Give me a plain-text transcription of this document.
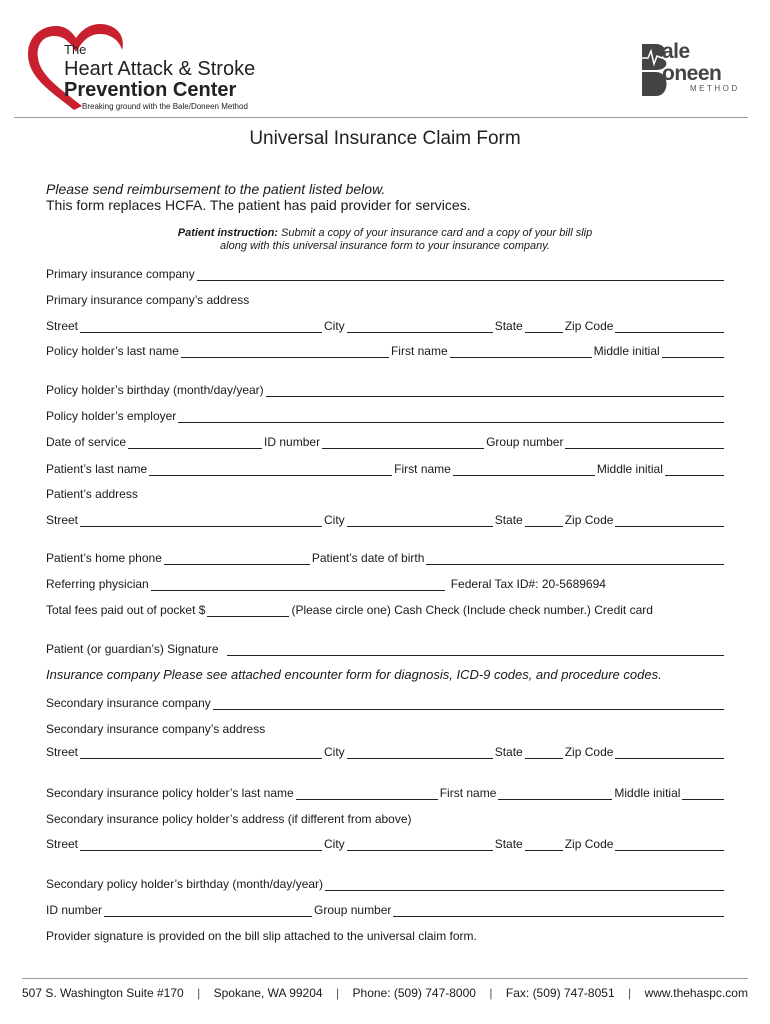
The
Heart Attack & Stroke
Prevention Center
Breaking ground with the Bale/Doneen Method
ale
oneen
METHOD
Universal Insurance Claim Form
Please send reimbursement to the patient listed below.
This form replaces HCFA. The patient has paid provider for services.
Patient instruction: Submit a copy of your insurance card and a copy of your bill slip
along with this universal insurance form to your insurance company.
Primary insurance company
Primary insurance company’s address
Street	City	State	Zip Code
Policy holder’s last name	First name	Middle initial
Policy holder’s birthday (month/day/year)
Policy holder’s employer
Date of service	ID number	Group number
Patient’s last name	First name	Middle initial
Patient’s address
Street	City	State	Zip Code
Patient’s home phone	Patient’s date of birth
Referring physician	Federal Tax ID#: 20-5689694
Total fees paid out of pocket $	(Please circle one) Cash Check (Include check number.) Credit card
Patient (or guardian’s) Signature
Insurance company Please see attached encounter form for diagnosis, ICD-9 codes, and procedure codes.
Secondary insurance company
Secondary insurance company’s address
Street	City	State	Zip Code
Secondary insurance policy holder’s last name	First name	Middle initial
Secondary insurance policy holder’s address (if different from above)
Street	City	State	Zip Code
Secondary policy holder’s birthday (month/day/year)
ID number	Group number
Provider signature is provided on the bill slip attached to the universal claim form.
507 S. Washington Suite #170 | Spokane, WA 99204 | Phone: (509) 747-8000 | Fax: (509) 747-8051 | www.thehaspc.com
